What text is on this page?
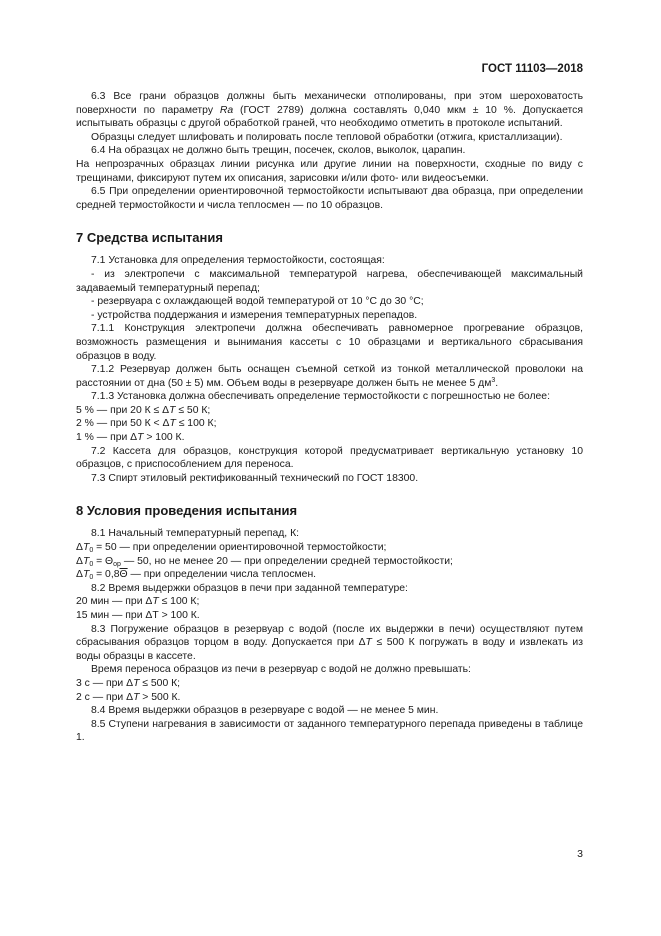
ГОСТ 11103—2018

6.3 Все грани образцов должны быть механически отполированы, при этом шероховатость поверхности по параметру Ra (ГОСТ 2789) должна составлять 0,040 мкм ± 10 %. Допускается испытывать образцы с другой обработкой граней, что необходимо отметить в протоколе испытаний.

Образцы следует шлифовать и полировать после тепловой обработки (отжига, кристаллизации).

6.4 На образцах не должно быть трещин, посечек, сколов, выколок, царапин.

На непрозрачных образцах линии рисунка или другие линии на поверхности, сходные по виду с трещинами, фиксируют путем их описания, зарисовки и/или фото- или видеосъемки.

6.5 При определении ориентировочной термостойкости испытывают два образца, при определении средней термостойкости и числа теплосмен — по 10 образцов.

7 Средства испытания

7.1 Установка для определения термостойкости, состоящая:

- из электропечи с максимальной температурой нагрева, обеспечивающей максимальный задаваемый температурный перепад;

- резервуара с охлаждающей водой температурой от 10 °С до 30 °С;

- устройства поддержания и измерения температурных перепадов.

7.1.1 Конструкция электропечи должна обеспечивать равномерное прогревание образцов, возможность размещения и вынимания кассеты с 10 образцами и вертикального сбрасывания образцов в воду.

7.1.2 Резервуар должен быть оснащен съемной сеткой из тонкой металлической проволоки на расстоянии от дна (50 ± 5) мм. Объем воды в резервуаре должен быть не менее 5 $дм^3$.

7.1.3 Установка должна обеспечивать определение термостойкости с погрешностью не более:

5 % — при 20 К ≤ ΔТ ≤ 50 К;

2 % — при 50 К < ΔТ ≤ 100 К;

1 % — при ΔТ > 100 К.

7.2 Кассета для образцов, конструкция которой предусматривает вертикальную установку 10 образцов, с приспособлением для переноса.

7.3 Спирт этиловый ректификованный технический по ГОСТ 18300.

8 Условия проведения испытания

8.1 Начальный температурный перепад, К:

$\Delta Т_0 = 50$ — при определении ориентировочной термостойкости;

$\Delta Т_0 = \Theta_{ор}$ — 50, но не менее 20 — при определении средней термостойкости;

$\Delta Т_0 = 0,8\overline{\Theta}$ — при определении числа теплосмен.

8.2 Время выдержки образцов в печи при заданной температуре:

20 мин — при ΔТ ≤ 100 К;

15 мин — при ΔТ > 100 К.

8.3 Погружение образцов в резервуар с водой (после их выдержки в печи) осуществляют путем сбрасывания образцов торцом в воду. Допускается при ΔТ ≤ 500 К погружать в воду и извлекать из воды образцы в кассете.

Время переноса образцов из печи в резервуар с водой не должно превышать:

3 с — при ΔТ ≤ 500 К;

2 с — при ΔТ > 500 К.

8.4 Время выдержки образцов в резервуаре с водой — не менее 5 мин.

8.5 Ступени нагревания в зависимости от заданного температурного перепада приведены в таблице 1.

3
